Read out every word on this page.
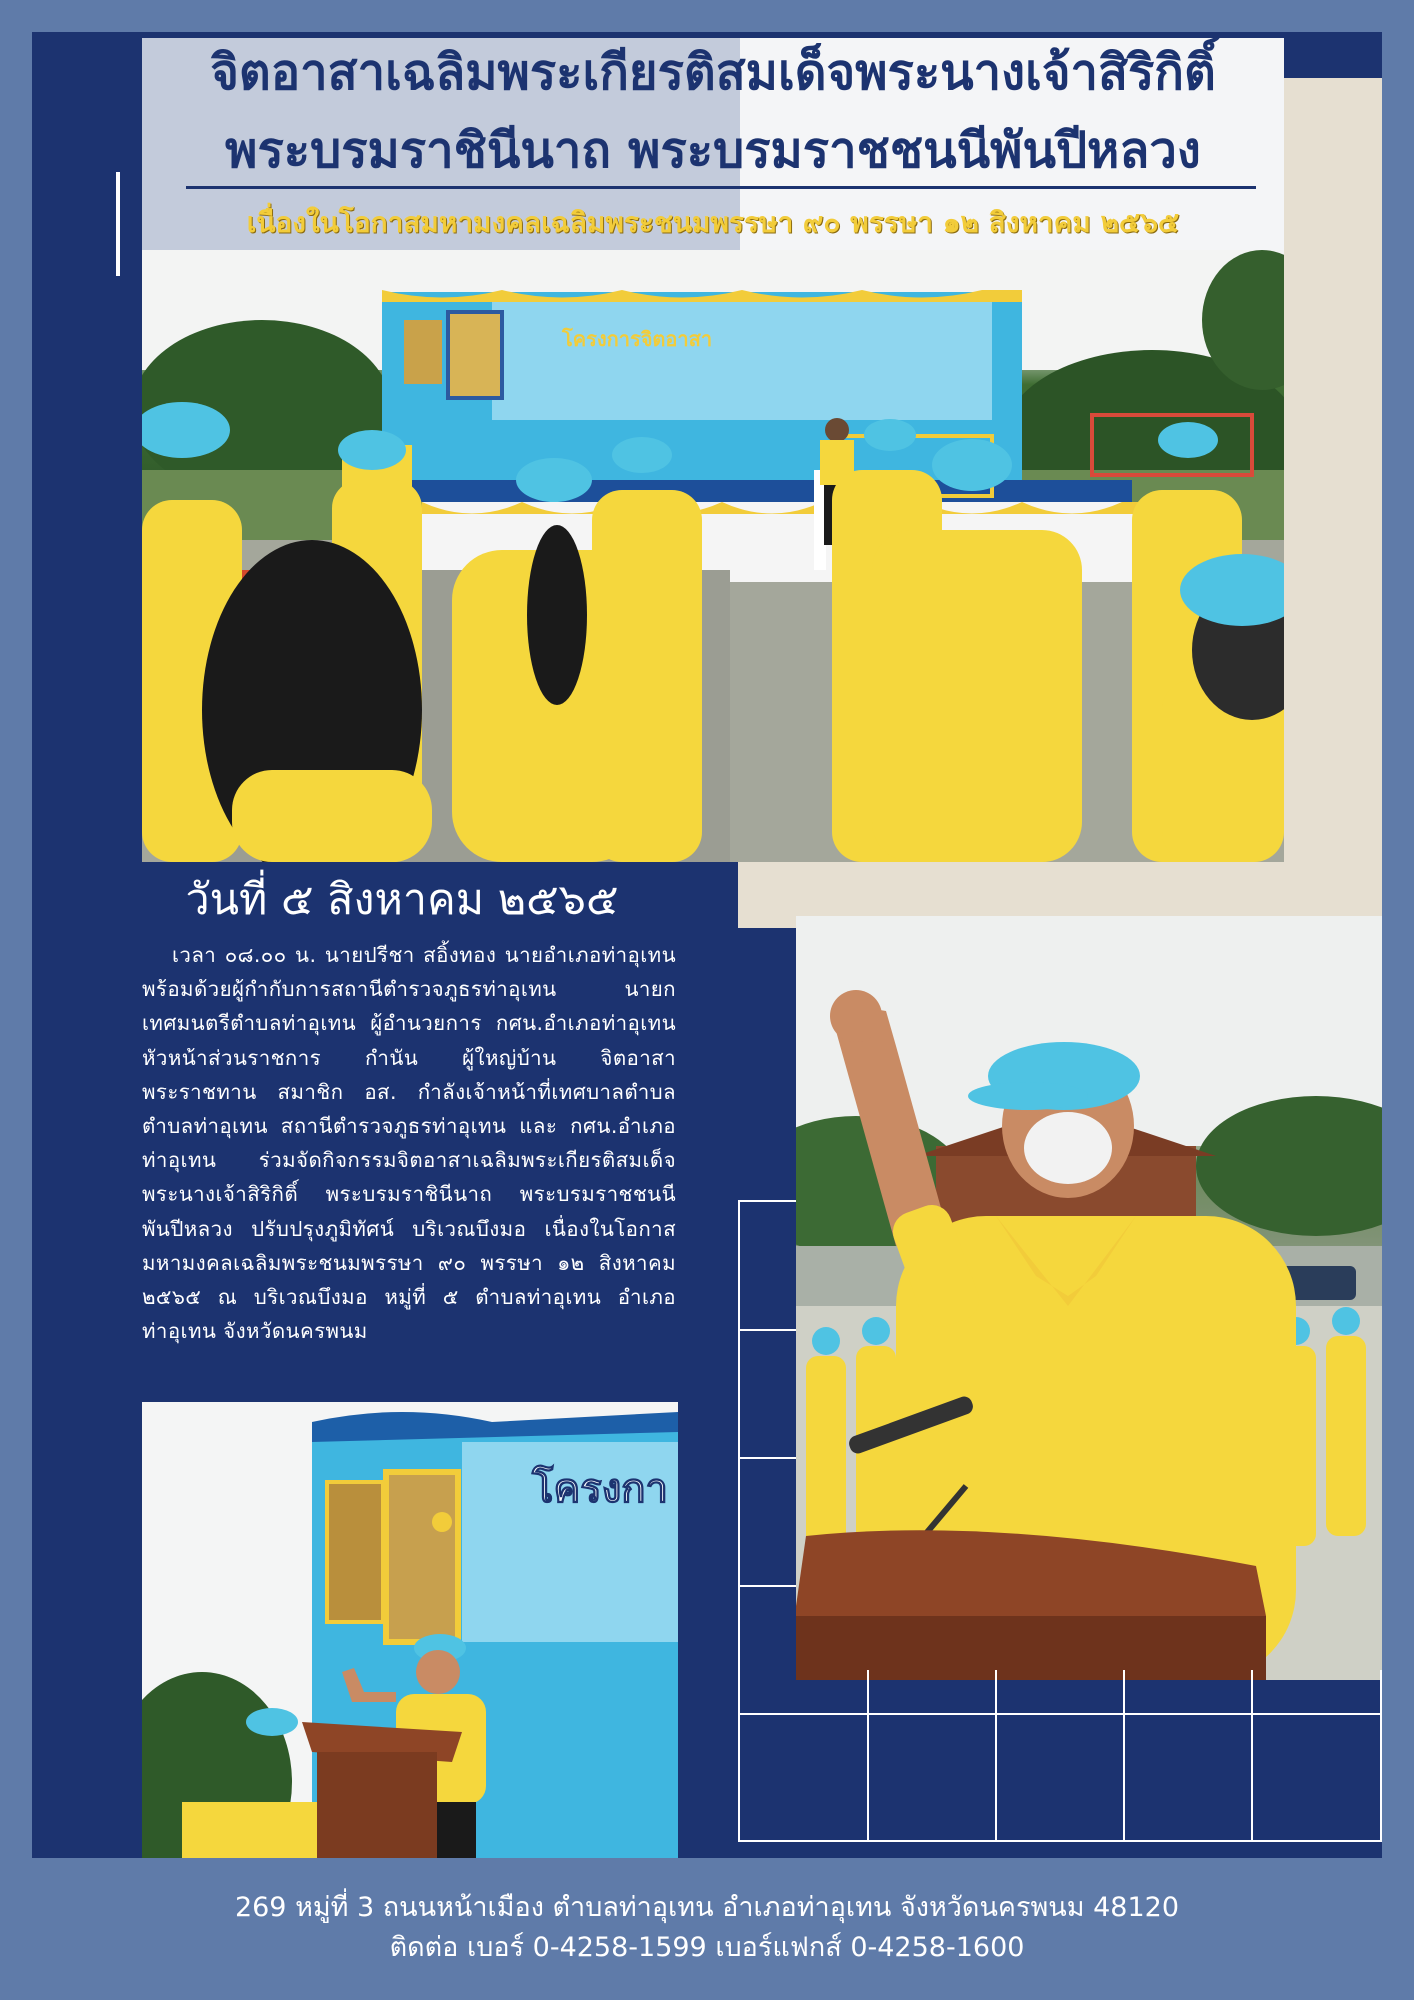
จิตอาสาเฉลิมพระเกียรติสมเด็จพระนางเจ้าสิริกิติ์
พระบรมราชินีนาถ พระบรมราชชนนีพันปีหลวง
เนื่องในโอกาสมหามงคลเฉลิมพระชนมพรรษา ๙๐ พรรษา ๑๒ สิงหาคม ๒๕๖๕
โครงการจิตอาสา
โครงกา
วันที่ ๕ สิงหาคม ๒๕๖๕
เวลา ๐๘.๐๐ น. นายปรีชา สอิ้งทอง นายอำเภอท่าอุเทน พร้อมด้วยผู้กำกับการสถานีตำรวจภูธรท่าอุเทน นายกเทศมนตรีตำบลท่าอุเทน ผู้อำนวยการ กศน.อำเภอท่าอุเทน หัวหน้าส่วนราชการ กำนัน ผู้ใหญ่บ้าน จิตอาสาพระราชทาน สมาชิก อส. กำลังเจ้าหน้าที่เทศบาลตำบลตำบลท่าอุเทน สถานีตำรวจภูธรท่าอุเทน และ กศน.อำเภอท่าอุเทน ร่วมจัดกิจกรรมจิตอาสาเฉลิมพระเกียรติสมเด็จพระนางเจ้าสิริกิติ์ พระบรมราชินีนาถ พระบรมราชชนนีพันปีหลวง ปรับปรุงภูมิทัศน์ บริเวณบึงมอ เนื่องในโอกาสมหามงคลเฉลิมพระชนมพรรษา ๙๐ พรรษา ๑๒ สิงหาคม ๒๕๖๕ ณ บริเวณบึงมอ หมู่ที่ ๕ ตำบลท่าอุเทน อำเภอท่าอุเทน จังหวัดนครพนม
269 หมู่ที่ 3 ถนนหน้าเมือง ตำบลท่าอุเทน อำเภอท่าอุเทน จังหวัดนครพนม 48120
ติดต่อ เบอร์ 0-4258-1599 เบอร์แฟกส์ 0-4258-1600
